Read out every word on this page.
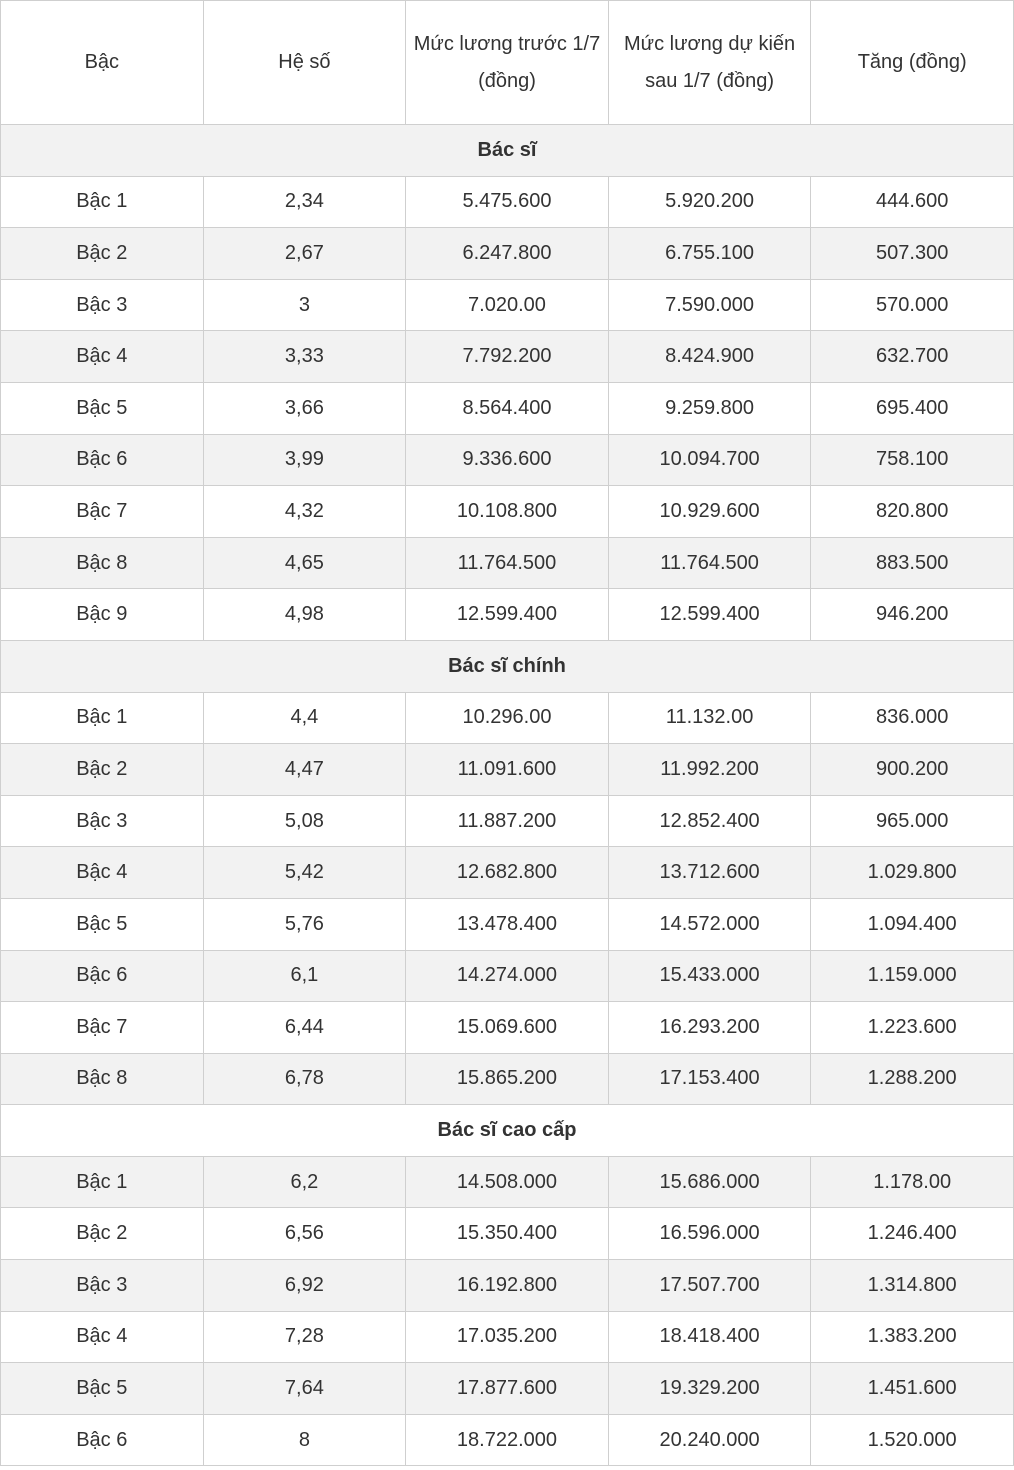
Bậc	Hệ số	Mức lương trước 1/7 (đồng)	Mức lương dự kiến sau 1/7 (đồng)	Tăng (đồng)
Bác sĩ				
Bậc 1	2,34	5.475.600	5.920.200	444.600
Bậc 2	2,67	6.247.800	6.755.100	507.300
Bậc 3	3	7.020.00	7.590.000	570.000
Bậc 4	3,33	7.792.200	8.424.900	632.700
Bậc 5	3,66	8.564.400	9.259.800	695.400
Bậc 6	3,99	9.336.600	10.094.700	758.100
Bậc 7	4,32	10.108.800	10.929.600	820.800
Bậc 8	4,65	11.764.500	11.764.500	883.500
Bậc 9	4,98	12.599.400	12.599.400	946.200
Bác sĩ chính				
Bậc 1	4,4	10.296.00	11.132.00	836.000
Bậc 2	4,47	11.091.600	11.992.200	900.200
Bậc 3	5,08	11.887.200	12.852.400	965.000
Bậc 4	5,42	12.682.800	13.712.600	1.029.800
Bậc 5	5,76	13.478.400	14.572.000	1.094.400
Bậc 6	6,1	14.274.000	15.433.000	1.159.000
Bậc 7	6,44	15.069.600	16.293.200	1.223.600
Bậc 8	6,78	15.865.200	17.153.400	1.288.200
Bác sĩ cao cấp				
Bậc 1	6,2	14.508.000	15.686.000	1.178.00
Bậc 2	6,56	15.350.400	16.596.000	1.246.400
Bậc 3	6,92	16.192.800	17.507.700	1.314.800
Bậc 4	7,28	17.035.200	18.418.400	1.383.200
Bậc 5	7,64	17.877.600	19.329.200	1.451.600
Bậc 6	8	18.722.000	20.240.000	1.520.000
